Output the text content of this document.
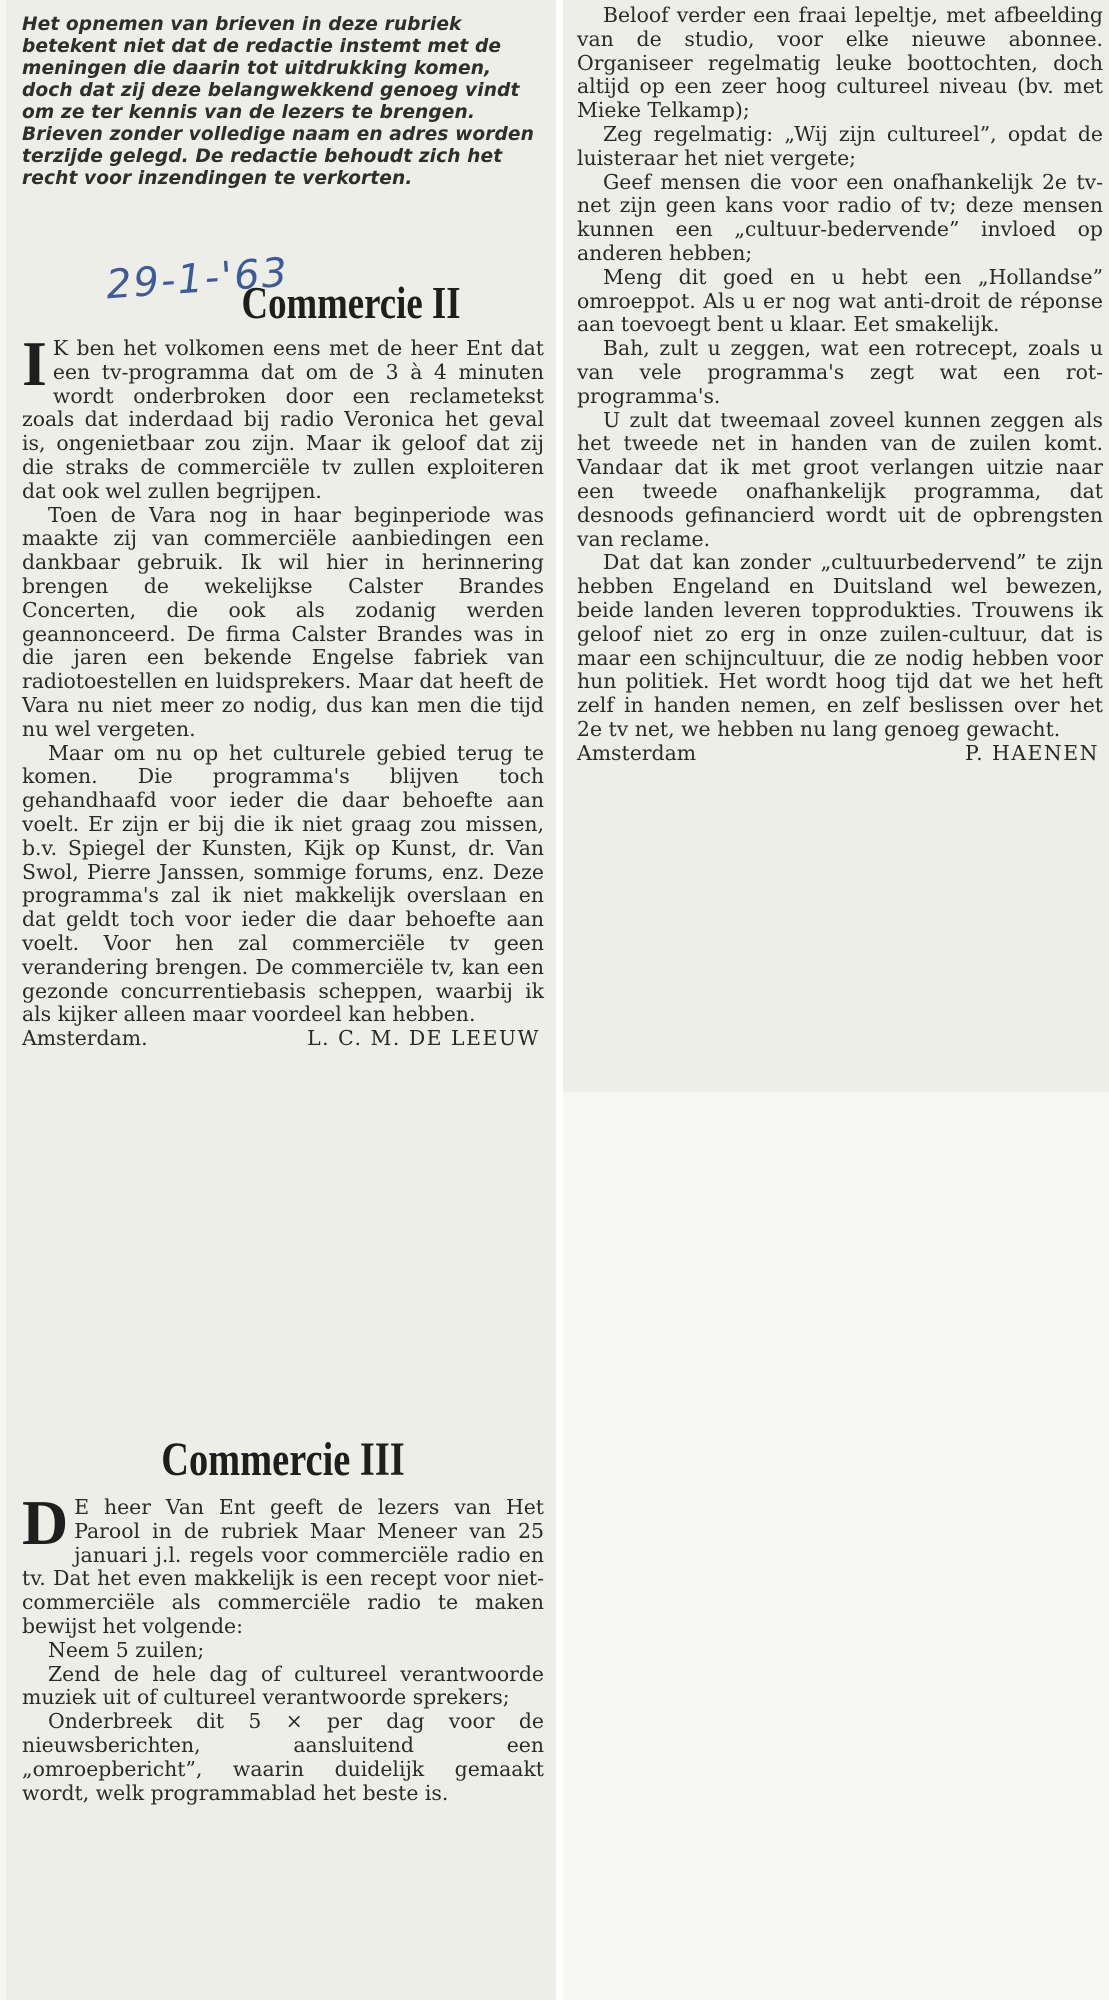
Het opnemen van brieven in deze rubriek betekent niet dat de redactie instemt met de meningen die daarin tot uitdrukking komen, doch dat zij deze belangwekkend genoeg vindt om ze ter kennis van de lezers te brengen. Brieven zonder volledige naam en adres worden terzijde gelegd. De redactie behoudt zich het recht voor inzendingen te verkorten.
29-1-'63
Commercie II

I K ben het volkomen eens met de heer Ent dat een tv-programma dat om de 3 à 4 minuten wordt onderbroken door een reclametekst zoals dat inderdaad bij radio Veronica het geval is, ongenietbaar zou zijn. Maar ik geloof dat zij die straks de commerciële tv zullen exploiteren dat ook wel zullen begrijpen.

Toen de Vara nog in haar beginperiode was maakte zij van commerciële aanbiedingen een dankbaar gebruik. Ik wil hier in herinnering brengen de wekelijkse Calster Brandes Concerten, die ook als zodanig werden geannonceerd. De firma Calster Brandes was in die jaren een bekende Engelse fabriek van radiotoestellen en luidsprekers. Maar dat heeft de Vara nu niet meer zo nodig, dus kan men die tijd nu wel vergeten.

Maar om nu op het culturele gebied terug te komen. Die programma's blijven toch gehandhaafd voor ieder die daar behoefte aan voelt. Er zijn er bij die ik niet graag zou missen, b.v. Spiegel der Kunsten, Kijk op Kunst, dr. Van Swol, Pierre Janssen, sommige forums, enz. Deze programma's zal ik niet makkelijk overslaan en dat geldt toch voor ieder die daar behoefte aan voelt. Voor hen zal commerciële tv geen verandering brengen. De commerciële tv, kan een gezonde concurrentiebasis scheppen, waarbij ik als kijker alleen maar voordeel kan hebben.

Amsterdam.	L. C. M. DE LEEUW
Commercie III

D E heer Van Ent geeft de lezers van Het Parool in de rubriek Maar Meneer van 25 januari j.l. regels voor commerciële radio en tv. Dat het even makkelijk is een recept voor niet-commerciële als commerciële radio te maken bewijst het volgende:

Neem 5 zuilen;

Zend de hele dag of cultureel verantwoorde muziek uit of cultureel verantwoorde sprekers;

Onderbreek dit 5 × per dag voor de nieuwsberichten, aansluitend een „omroepbericht”, waarin duidelijk gemaakt wordt, welk programmablad het beste is.

Beloof verder een fraai lepeltje, met afbeelding van de studio, voor elke nieuwe abonnee. Organiseer regelmatig leuke boottochten, doch altijd op een zeer hoog cultureel niveau (bv. met Mieke Telkamp);

Zeg regelmatig: „Wij zijn cultureel”, opdat de luisteraar het niet vergete;

Geef mensen die voor een onafhankelijk 2e tv-net zijn geen kans voor radio of tv; deze mensen kunnen een „cultuur-bedervende” invloed op anderen hebben;

Meng dit goed en u hebt een „Hollandse” omroeppot. Als u er nog wat anti-droit de réponse aan toevoegt bent u klaar. Eet smakelijk.

Bah, zult u zeggen, wat een rotrecept, zoals u van vele programma's zegt wat een rot-programma's.

U zult dat tweemaal zoveel kunnen zeggen als het tweede net in handen van de zuilen komt. Vandaar dat ik met groot verlangen uitzie naar een tweede onafhankelijk programma, dat desnoods gefinancierd wordt uit de opbrengsten van reclame.

Dat dat kan zonder „cultuurbedervend” te zijn hebben Engeland en Duitsland wel bewezen, beide landen leveren topprodukties. Trouwens ik geloof niet zo erg in onze zuilen-cultuur, dat is maar een schijncultuur, die ze nodig hebben voor hun politiek. Het wordt hoog tijd dat we het heft zelf in handen nemen, en zelf beslissen over het 2e tv net, we hebben nu lang genoeg gewacht.

Amsterdam	P. HAENEN
